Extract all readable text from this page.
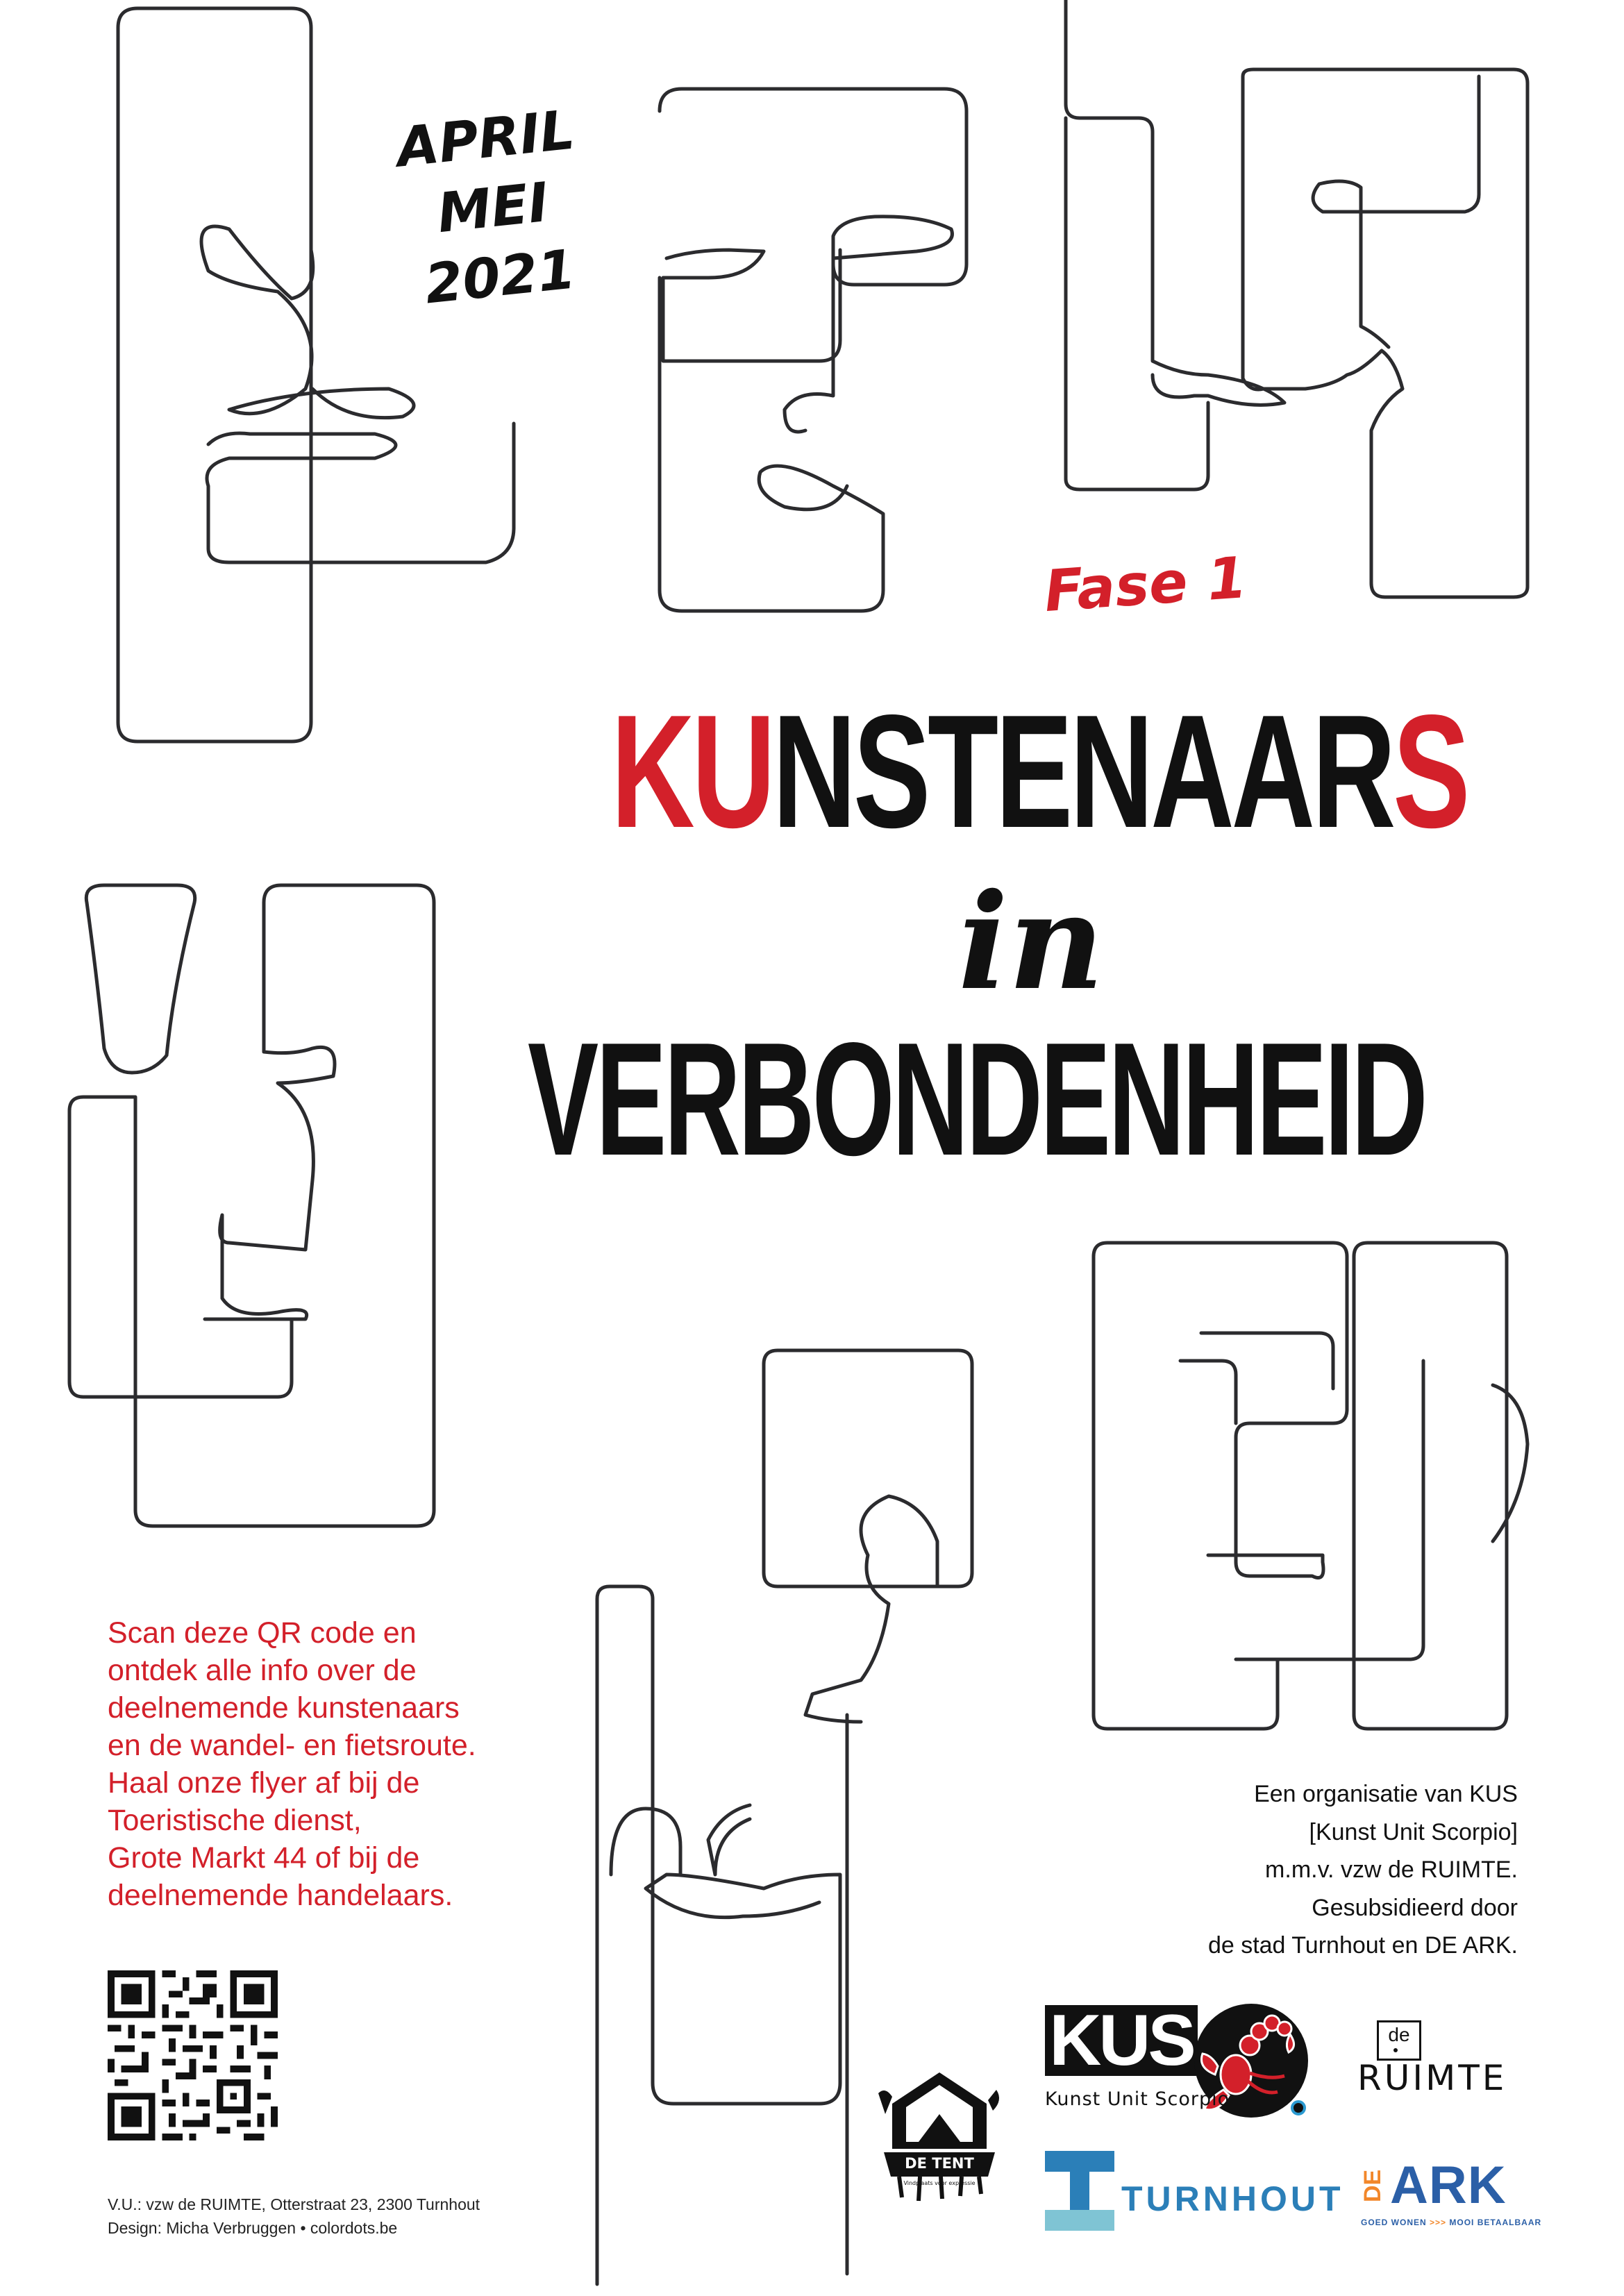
APRIL
MEI
2021
Fase 1
KUNSTENAARS
in
VERBONDENHEID
Scan deze QR code en
ontdek alle info over de
deelnemende kunstenaars
en de wandel- en fietsroute.
Haal onze flyer af bij de
Toeristische dienst,
Grote Markt 44 of bij de
deelnemende handelaars.
Een organisatie van KUS
[Kunst Unit Scorpio]
m.m.v. vzw de RUIMTE.
Gesubsidieerd door
de stad Turnhout en DE ARK.
V.U.: vzw de RUIMTE, Otterstraat 23, 2300 Turnhout
Design: Micha Verbruggen • colordots.be
KUS
Kunst Unit Scorpio
de
RUIMTE
DE TENT
Vindplaats voor expressie	TURNHOUT DE ARK
GOED WONEN >>> MOOI BETAALBAAR
